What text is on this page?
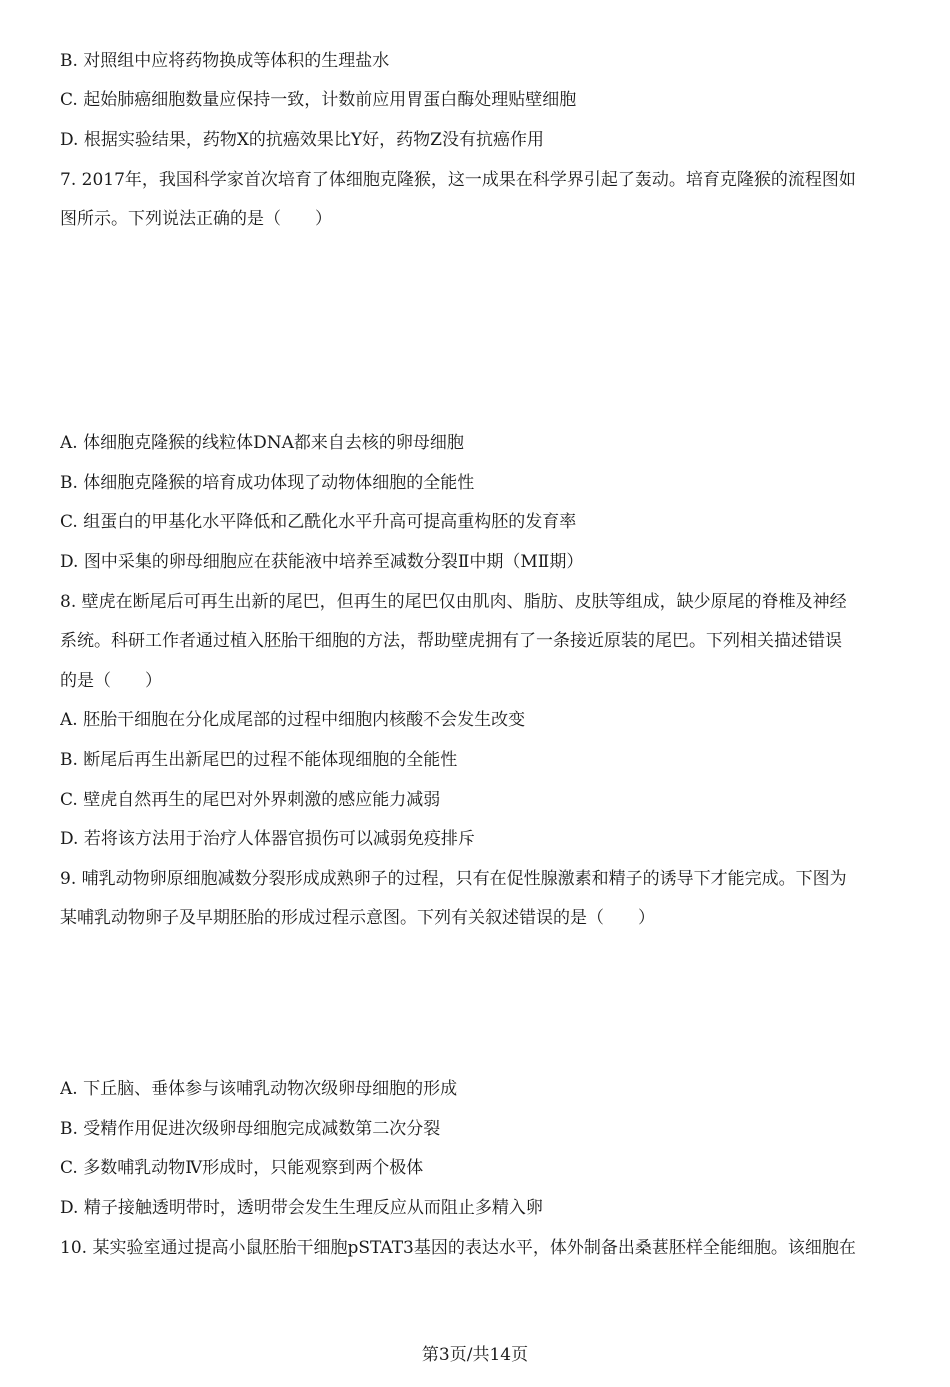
B. 对照组中应将药物换成等体积的生理盐水
C. 起始肺癌细胞数量应保持一致，计数前应用胃蛋白酶处理贴壁细胞
D. 根据实验结果，药物X的抗癌效果比Y好，药物Z没有抗癌作用
7. 2017年，我国科学家首次培育了体细胞克隆猴，这一成果在科学界引起了轰动。培育克隆猴的流程图如
图所示。下列说法正确的是（　　）
A. 体细胞克隆猴的线粒体DNA都来自去核的卵母细胞
B. 体细胞克隆猴的培育成功体现了动物体细胞的全能性
C. 组蛋白的甲基化水平降低和乙酰化水平升高可提高重构胚的发育率
D. 图中采集的卵母细胞应在获能液中培养至减数分裂Ⅱ中期（MⅡ期）
8. 壁虎在断尾后可再生出新的尾巴，但再生的尾巴仅由肌肉、脂肪、皮肤等组成，缺少原尾的脊椎及神经
系统。科研工作者通过植入胚胎干细胞的方法，帮助壁虎拥有了一条接近原装的尾巴。下列相关描述错误
的是（　　）
A. 胚胎干细胞在分化成尾部的过程中细胞内核酸不会发生改变
B. 断尾后再生出新尾巴的过程不能体现细胞的全能性
C. 壁虎自然再生的尾巴对外界刺激的感应能力减弱
D. 若将该方法用于治疗人体器官损伤可以减弱免疫排斥
9. 哺乳动物卵原细胞减数分裂形成成熟卵子的过程，只有在促性腺激素和精子的诱导下才能完成。下图为
某哺乳动物卵子及早期胚胎的形成过程示意图。下列有关叙述错误的是（　　）
A. 下丘脑、垂体参与该哺乳动物次级卵母细胞的形成
B. 受精作用促进次级卵母细胞完成减数第二次分裂
C. 多数哺乳动物Ⅳ形成时，只能观察到两个极体
D. 精子接触透明带时，透明带会发生生理反应从而阻止多精入卵
10. 某实验室通过提高小鼠胚胎干细胞pSTAT3基因的表达水平，体外制备出桑葚胚样全能细胞。该细胞在
第3页/共14页
